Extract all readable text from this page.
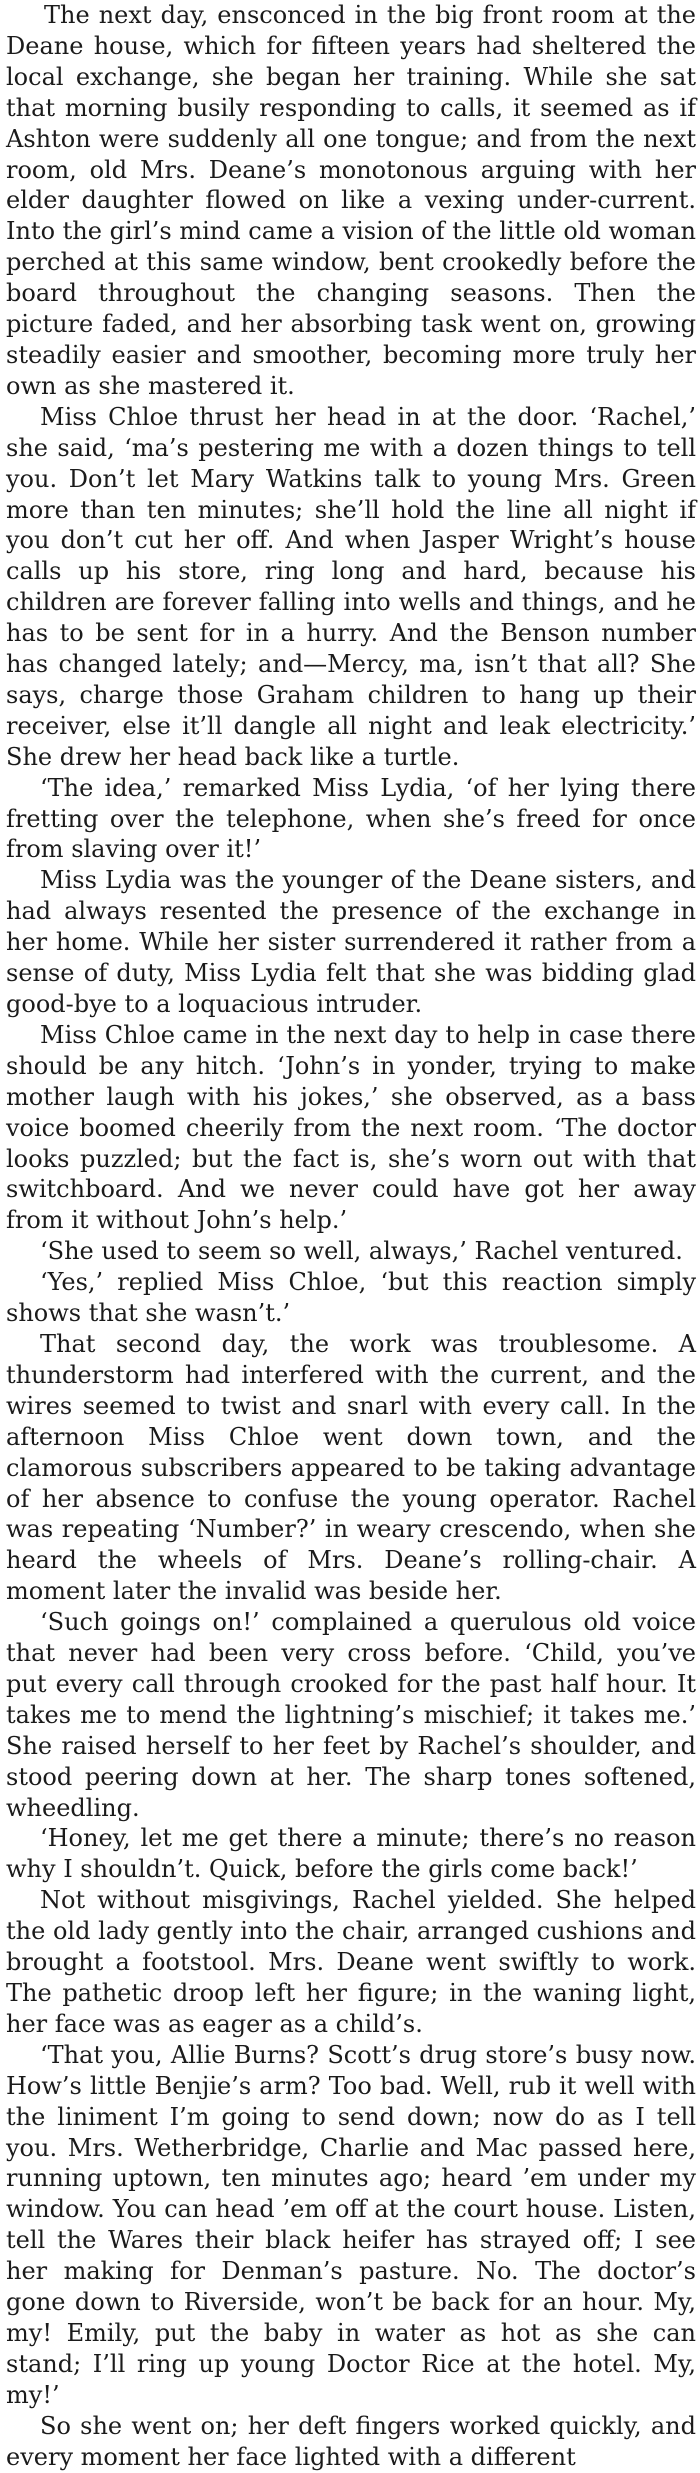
The next day, ensconced in the big front room at the Deane house, which for fifteen years had sheltered the local exchange, she began her training. While she sat that morning busily responding to calls, it seemed as if Ashton were suddenly all one tongue; and from the next room, old Mrs. Deane’s monotonous arguing with her elder daughter flowed on like a vexing under-current. Into the girl’s mind came a vision of the little old woman perched at this same window, bent crookedly before the board throughout the changing seasons. Then the picture faded, and her absorbing task went on, growing steadily easier and smoother, becoming more truly her own as she mastered it.

Miss Chloe thrust her head in at the door. ‘Rachel,’ she said, ‘ma’s pestering me with a dozen things to tell you. Don’t let Mary Watkins talk to young Mrs. Green more than ten minutes; she’ll hold the line all night if you don’t cut her off. And when Jasper Wright’s house calls up his store, ring long and hard, because his children are forever falling into wells and things, and he has to be sent for in a hurry. And the Benson number has changed lately; and—Mercy, ma, isn’t that all? She says, charge those Graham children to hang up their receiver, else it’ll dangle all night and leak electricity.’ She drew her head back like a turtle.

‘The idea,’ remarked Miss Lydia, ‘of her lying there fretting over the telephone, when she’s freed for once from slaving over it!’

Miss Lydia was the younger of the Deane sisters, and had always resented the presence of the exchange in her home. While her sister surrendered it rather from a sense of duty, Miss Lydia felt that she was bidding glad good-bye to a loquacious intruder.

Miss Chloe came in the next day to help in case there should be any hitch. ‘John’s in yonder, trying to make mother laugh with his jokes,’ she observed, as a bass voice boomed cheerily from the next room. ‘The doctor looks puzzled; but the fact is, she’s worn out with that switchboard. And we never could have got her away from it without John’s help.’

‘She used to seem so well, always,’ Rachel ventured.

‘Yes,’ replied Miss Chloe, ‘but this reaction simply shows that she wasn’t.’

That second day, the work was troublesome. A thunderstorm had interfered with the current, and the wires seemed to twist and snarl with every call. In the afternoon Miss Chloe went down town, and the clamorous subscribers appeared to be taking advantage of her absence to confuse the young operator. Rachel was repeating ‘Number?’ in weary crescendo, when she heard the wheels of Mrs. Deane’s rolling-chair. A moment later the invalid was beside her.

‘Such goings on!’ complained a querulous old voice that never had been very cross before. ‘Child, you’ve put every call through crooked for the past half hour. It takes me to mend the lightning’s mischief; it takes me.’ She raised herself to her feet by Rachel’s shoulder, and stood peering down at her. The sharp tones softened, wheedling.

‘Honey, let me get there a minute; there’s no reason why I shouldn’t. Quick, before the girls come back!’

Not without misgivings, Rachel yielded. She helped the old lady gently into the chair, arranged cushions and brought a footstool. Mrs. Deane went swiftly to work. The pathetic droop left her figure; in the waning light, her face was as eager as a child’s.

‘That you, Allie Burns? Scott’s drug store’s busy now. How’s little Benjie’s arm? Too bad. Well, rub it well with the liniment I’m going to send down; now do as I tell you. Mrs. Wetherbridge, Charlie and Mac passed here, running uptown, ten minutes ago; heard ’em under my window. You can head ’em off at the court house. Listen, tell the Wares their black heifer has strayed off; I see her making for Denman’s pasture. No. The doctor’s gone down to Riverside, won’t be back for an hour. My, my! Emily, put the baby in water as hot as she can stand; I’ll ring up young Doctor Rice at the hotel. My, my!’

So she went on; her deft fingers worked quickly, and every moment her face lighted with a different
